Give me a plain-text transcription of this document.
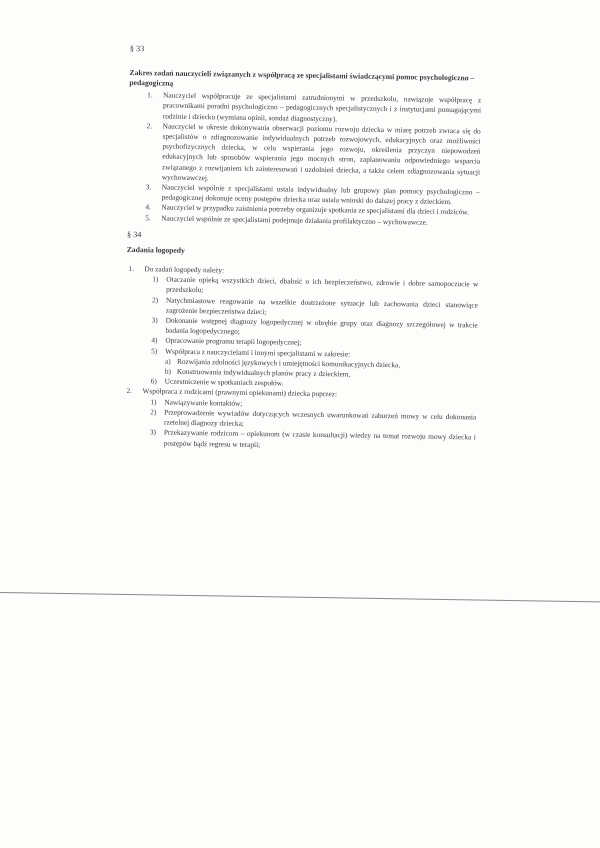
§ 33
Zakres zadań nauczycieli związanych z współpracą ze specjalistami świadczącymi pomoc psychologiczno – pedagogiczną
1. Nauczyciel współpracuje ze specjalistami zatrudnionymi w przedszkolu, nawiązuje współpracę z pracownikami poradni psychologiczno – pedagogicznych specjalistycznych i z instytucjami pomagającymi rodzinie i dziecku (wymiana opinii, sondaż diagnostyczny).
2. Nauczyciel w okresie dokonywania obserwacji poziomu rozwoju dziecka w miarę potrzeb zwraca się do specjalistów o zdiagnozowanie indywidualnych potrzeb rozwojowych, edukacyjnych oraz możliwości psychofizycznych dziecka, w celu wspierania jego rozwoju, określenia przyczyn niepowodzeń edukacyjnych lub sposobów wspierania jego mocnych stron, zaplanowaniu odpowiedniego wsparcia związanego z rozwijaniem ich zainteresowań i uzdolnień dziecka, a także celem zdiagnozowania sytuacji wychowawczej.
3. Nauczyciel wspólnie z specjalistami ustala indywidualny lub grupowy plan pomocy psychologiczno – pedagogicznej dokonuje oceny postępów dziecka oraz ustala wnioski do dalszej pracy z dzieckiem.
4. Nauczyciel w przypadku zaistnienia potrzeby organizuje spotkania ze specjalistami dla dzieci i rodziców.
5. Nauczyciel wspólnie ze specjalistami podejmuje działania profilaktyczno – wychowawcze.
§ 34
Zadania logopedy
1. Do zadań logopedy należy:
1) Otaczanie opieką wszystkich dzieci, dbałość o ich bezpieczeństwo, zdrowie i dobre samopoczucie w przedszkolu;
2) Natychmiastowe reagowanie na wszelkie dostrzeżone sytuacje lub zachowania dzieci stanowiące zagrożenie bezpieczeństwa dzieci;
3) Dokonanie wstępnej diagnozy logopedycznej w obrębie grupy oraz diagnozy szczegółowej w trakcie badania logopedycznego;
4) Opracowanie programu terapii logopedycznej;
5) Współpraca z nauczycielami i innymi specjalistami w zakresie:
a) Rozwijania zdolności językowych i umiejętności komunikacyjnych dziecka,
b) Konstruowania indywidualnych planów pracy z dzieckiem,
6) Uczestniczenie w spotkaniach zespołów.
2. Współpraca z rodzicami (prawnymi opiekunami) dziecka poprzez:
1) Nawiązywanie kontaktów;
2) Przeprowadzenie wywiadów dotyczących wczesnych uwarunkowań zaburzeń mowy w celu dokonania rzetelnej diagnozy dziecka;
3) Przekazywanie rodzicom – opiekunom (w czasie konsultacji) wiedzy na temat rozwoju mowy dziecka i postępów bądź regresu w terapii;
